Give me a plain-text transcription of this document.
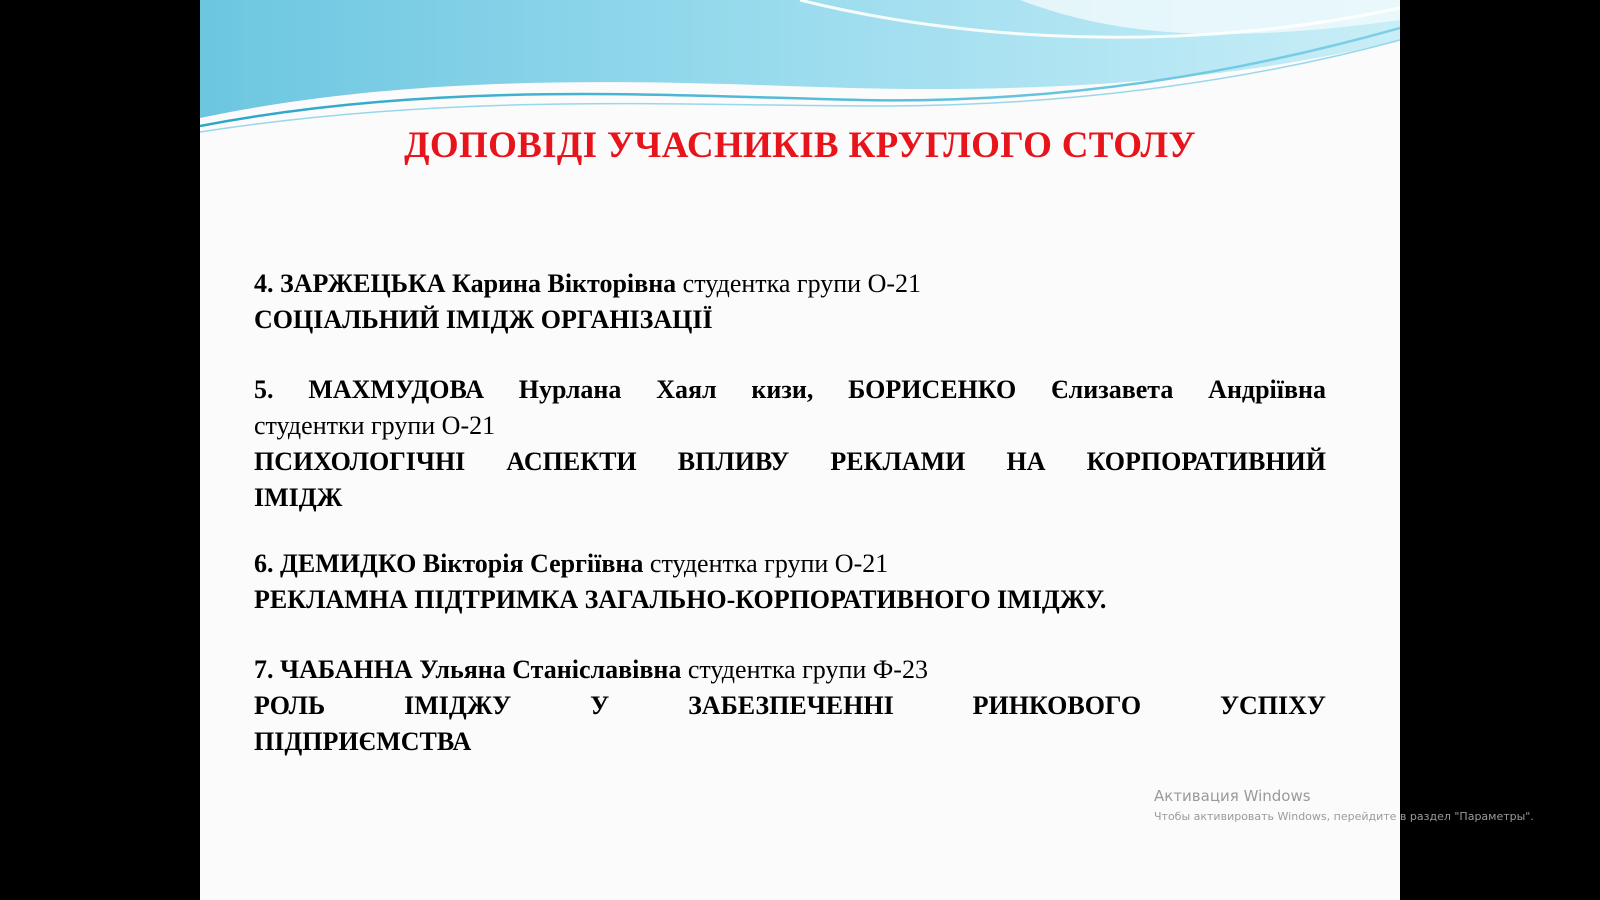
ДОПОВІДІ УЧАСНИКІВ КРУГЛОГО СТОЛУ
4. ЗАРЖЕЦЬКА Карина Вікторівна студентка групи О-21
СОЦІАЛЬНИЙ ІМІДЖ ОРГАНІЗАЦІЇ
5. МАХМУДОВА Нурлана Хаял кизи, БОРИСЕНКО Єлизавета Андріївна
студентки групи О-21
ПСИХОЛОГІЧНІ АСПЕКТИ ВПЛИВУ РЕКЛАМИ НА КОРПОРАТИВНИЙ
ІМІДЖ
6. ДЕМИДКО Вікторія Сергіївна студентка групи О-21
РЕКЛАМНА ПІДТРИМКА ЗАГАЛЬНО-КОРПОРАТИВНОГО ІМІДЖУ.
7. ЧАБАННА Ульяна Станіславівна студентка групи Ф-23
РОЛЬ ІМІДЖУ У ЗАБЕЗПЕЧЕННІ РИНКОВОГО УСПІХУ
ПІДПРИЄМСТВА
Активация Windows
Чтобы активировать Windows, перейдите в раздел "Параметры".
